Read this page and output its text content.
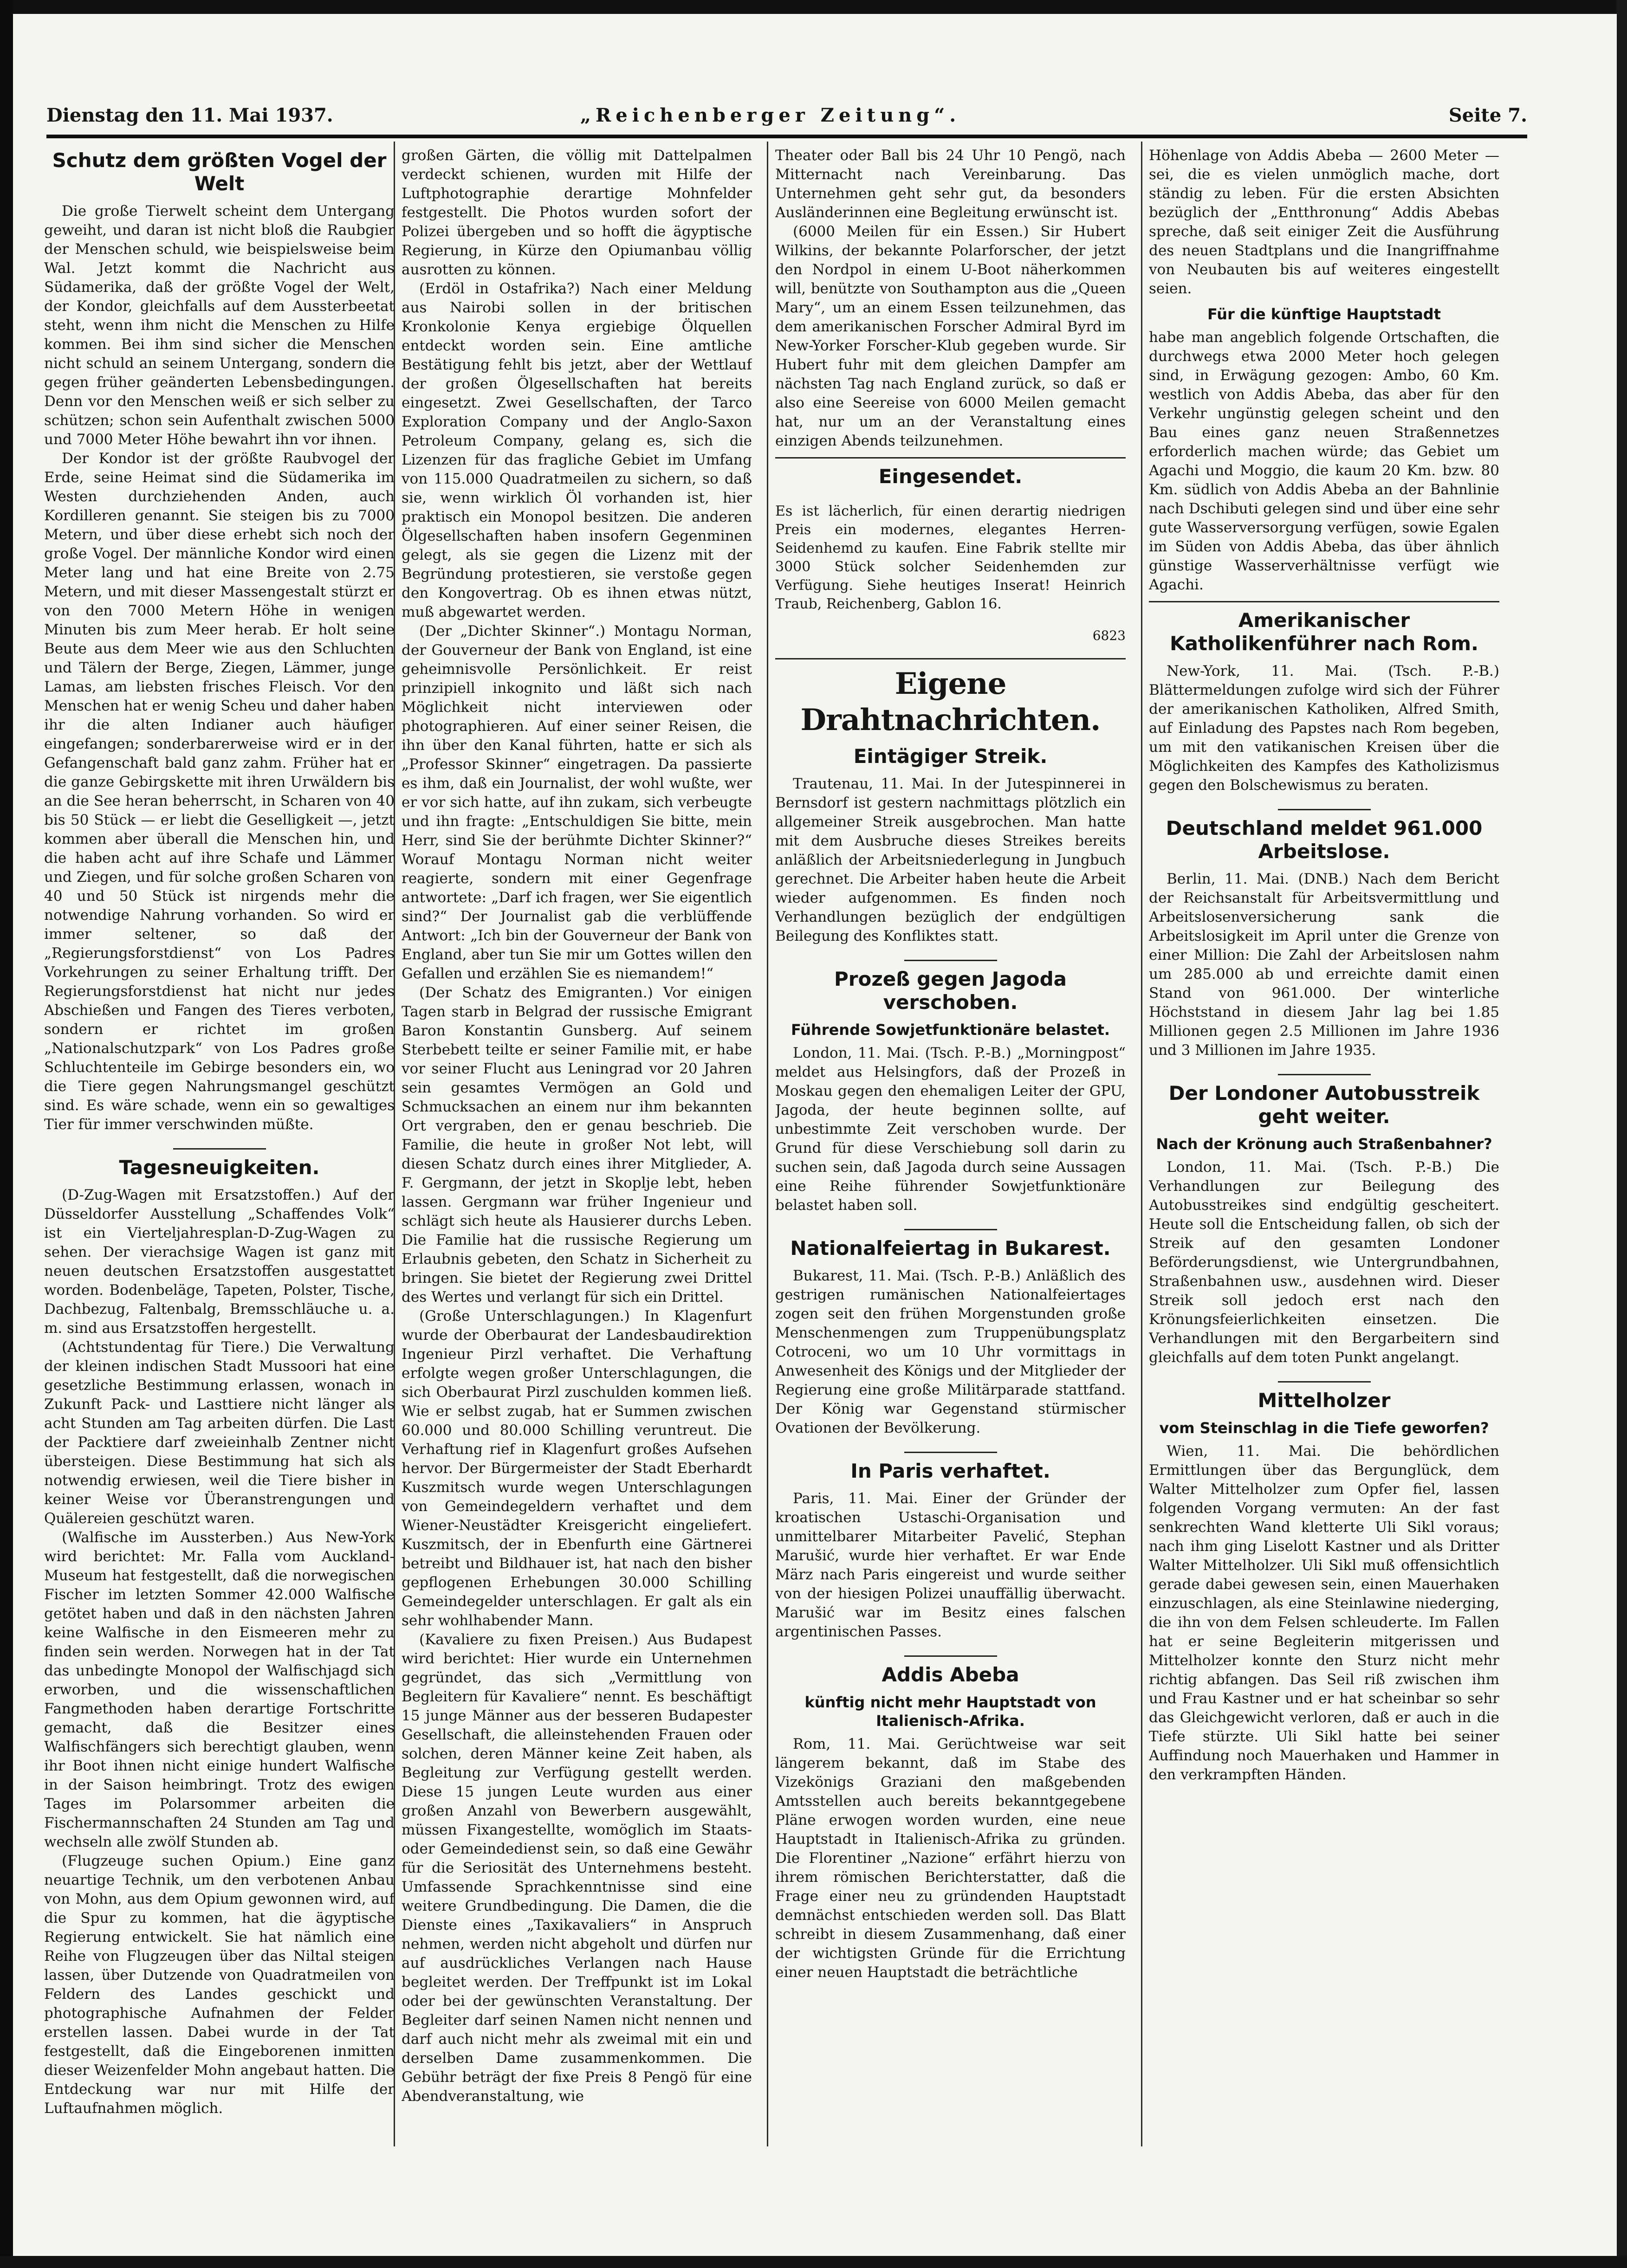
Dienstag den 11. Mai 1937.	„Reichenberger Zeitung“.	Seite 7.
Schutz dem größten Vogel der Welt

Die große Tierwelt scheint dem Untergang geweiht, und daran ist nicht bloß die Raubgier der Menschen schuld, wie beispielsweise beim Wal. Jetzt kommt die Nachricht aus Südamerika, daß der größte Vogel der Welt, der Kondor, gleichfalls auf dem Aussterbeetat steht, wenn ihm nicht die Menschen zu Hilfe kommen. Bei ihm sind sicher die Menschen nicht schuld an seinem Untergang, sondern die gegen früher geänderten Lebensbedingungen. Denn vor den Menschen weiß er sich selber zu schützen; schon sein Aufenthalt zwischen 5000 und 7000 Meter Höhe bewahrt ihn vor ihnen.

Der Kondor ist der größte Raubvogel der Erde, seine Heimat sind die Südamerika im Westen durchziehenden Anden, auch Kordilleren genannt. Sie steigen bis zu 7000 Metern, und über diese erhebt sich noch der große Vogel. Der männliche Kondor wird einen Meter lang und hat eine Breite von 2.75 Metern, und mit dieser Massengestalt stürzt er von den 7000 Metern Höhe in wenigen Minuten bis zum Meer herab. Er holt seine Beute aus dem Meer wie aus den Schluchten und Tälern der Berge, Ziegen, Lämmer, junge Lamas, am liebsten frisches Fleisch. Vor den Menschen hat er wenig Scheu und daher haben ihr die alten Indianer auch häufiger eingefangen; sonderbarerweise wird er in der Gefangenschaft bald ganz zahm. Früher hat er die ganze Gebirgskette mit ihren Urwäldern bis an die See heran beherrscht, in Scharen von 40 bis 50 Stück — er liebt die Geselligkeit —, jetzt kommen aber überall die Menschen hin, und die haben acht auf ihre Schafe und Lämmer und Ziegen, und für solche großen Scharen von 40 und 50 Stück ist nirgends mehr die notwendige Nahrung vorhanden. So wird er immer seltener, so daß der „Regierungsforstdienst“ von Los Padres Vorkehrungen zu seiner Erhaltung trifft. Der Regierungsforstdienst hat nicht nur jedes Abschießen und Fangen des Tieres verboten, sondern er richtet im großen „Nationalschutzpark“ von Los Padres große Schluchtenteile im Gebirge besonders ein, wo die Tiere gegen Nahrungsmangel geschützt sind. Es wäre schade, wenn ein so gewaltiges Tier für immer verschwinden müßte.

Tagesneuigkeiten.

(D-Zug-Wagen mit Ersatzstoffen.) Auf der Düsseldorfer Ausstellung „Schaffendes Volk“ ist ein Vierteljahresplan-D-Zug-Wagen zu sehen. Der vierachsige Wagen ist ganz mit neuen deutschen Ersatzstoffen ausgestattet worden. Bodenbeläge, Tapeten, Polster, Tische, Dachbezug, Faltenbalg, Bremsschläuche u. a. m. sind aus Ersatzstoffen hergestellt.

(Achtstundentag für Tiere.) Die Verwaltung der kleinen indischen Stadt Mussoori hat eine gesetzliche Bestimmung erlassen, wonach in Zukunft Pack- und Lasttiere nicht länger als acht Stunden am Tag arbeiten dürfen. Die Last der Packtiere darf zweieinhalb Zentner nicht übersteigen. Diese Bestimmung hat sich als notwendig erwiesen, weil die Tiere bisher in keiner Weise vor Überanstrengungen und Quälereien geschützt waren.

(Walfische im Aussterben.) Aus New-York wird berichtet: Mr. Falla vom Auckland-Museum hat festgestellt, daß die norwegischen Fischer im letzten Sommer 42.000 Walfische getötet haben und daß in den nächsten Jahren keine Walfische in den Eismeeren mehr zu finden sein werden. Norwegen hat in der Tat das unbedingte Monopol der Walfischjagd sich erworben, und die wissenschaftlichen Fangmethoden haben derartige Fortschritte gemacht, daß die Besitzer eines Walfischfängers sich berechtigt glauben, wenn ihr Boot ihnen nicht einige hundert Walfische in der Saison heimbringt. Trotz des ewigen Tages im Polarsommer arbeiten die Fischermannschaften 24 Stunden am Tag und wechseln alle zwölf Stunden ab.

(Flugzeuge suchen Opium.) Eine ganz neuartige Technik, um den verbotenen Anbau von Mohn, aus dem Opium gewonnen wird, auf die Spur zu kommen, hat die ägyptische Regierung entwickelt. Sie hat nämlich eine Reihe von Flugzeugen über das Niltal steigen lassen, über Dutzende von Quadratmeilen von Feldern des Landes geschickt und photographische Aufnahmen der Felder erstellen lassen. Dabei wurde in der Tat festgestellt, daß die Eingeborenen inmitten dieser Weizenfelder Mohn angebaut hatten. Die Entdeckung war nur mit Hilfe der Luftaufnahmen möglich.

großen Gärten, die völlig mit Dattelpalmen verdeckt schienen, wurden mit Hilfe der Luftphotographie derartige Mohnfelder festgestellt. Die Photos wurden sofort der Polizei übergeben und so hofft die ägyptische Regierung, in Kürze den Opiumanbau völlig ausrotten zu können.

(Erdöl in Ostafrika?) Nach einer Meldung aus Nairobi sollen in der britischen Kronkolonie Kenya ergiebige Ölquellen entdeckt worden sein. Eine amtliche Bestätigung fehlt bis jetzt, aber der Wettlauf der großen Ölgesellschaften hat bereits eingesetzt. Zwei Gesellschaften, der Tarco Exploration Company und der Anglo-Saxon Petroleum Company, gelang es, sich die Lizenzen für das fragliche Gebiet im Umfang von 115.000 Quadratmeilen zu sichern, so daß sie, wenn wirklich Öl vorhanden ist, hier praktisch ein Monopol besitzen. Die anderen Ölgesellschaften haben insofern Gegenminen gelegt, als sie gegen die Lizenz mit der Begründung protestieren, sie verstoße gegen den Kongovertrag. Ob es ihnen etwas nützt, muß abgewartet werden.

(Der „Dichter Skinner“.) Montagu Norman, der Gouverneur der Bank von England, ist eine geheimnisvolle Persönlichkeit. Er reist prinzipiell inkognito und läßt sich nach Möglichkeit nicht interviewen oder photographieren. Auf einer seiner Reisen, die ihn über den Kanal führten, hatte er sich als „Professor Skinner“ eingetragen. Da passierte es ihm, daß ein Journalist, der wohl wußte, wer er vor sich hatte, auf ihn zukam, sich verbeugte und ihn fragte: „Entschuldigen Sie bitte, mein Herr, sind Sie der berühmte Dichter Skinner?“ Worauf Montagu Norman nicht weiter reagierte, sondern mit einer Gegenfrage antwortete: „Darf ich fragen, wer Sie eigentlich sind?“ Der Journalist gab die verblüffende Antwort: „Ich bin der Gouverneur der Bank von England, aber tun Sie mir um Gottes willen den Gefallen und erzählen Sie es niemandem!“

(Der Schatz des Emigranten.) Vor einigen Tagen starb in Belgrad der russische Emigrant Baron Konstantin Gunsberg. Auf seinem Sterbebett teilte er seiner Familie mit, er habe vor seiner Flucht aus Leningrad vor 20 Jahren sein gesamtes Vermögen an Gold und Schmucksachen an einem nur ihm bekannten Ort vergraben, den er genau beschrieb. Die Familie, die heute in großer Not lebt, will diesen Schatz durch eines ihrer Mitglieder, A. F. Gergmann, der jetzt in Skoplje lebt, heben lassen. Gergmann war früher Ingenieur und schlägt sich heute als Hausierer durchs Leben. Die Familie hat die russische Regierung um Erlaubnis gebeten, den Schatz in Sicherheit zu bringen. Sie bietet der Regierung zwei Drittel des Wertes und verlangt für sich ein Drittel.

(Große Unterschlagungen.) In Klagenfurt wurde der Oberbaurat der Landesbaudirektion Ingenieur Pirzl verhaftet. Die Verhaftung erfolgte wegen großer Unterschlagungen, die sich Oberbaurat Pirzl zuschulden kommen ließ. Wie er selbst zugab, hat er Summen zwischen 60.000 und 80.000 Schilling veruntreut. Die Verhaftung rief in Klagenfurt großes Aufsehen hervor. Der Bürgermeister der Stadt Eberhardt Kuszmitsch wurde wegen Unterschlagungen von Gemeindegeldern verhaftet und dem Wiener-Neustädter Kreisgericht eingeliefert. Kuszmitsch, der in Ebenfurth eine Gärtnerei betreibt und Bildhauer ist, hat nach den bisher gepflogenen Erhebungen 30.000 Schilling Gemeindegelder unterschlagen. Er galt als ein sehr wohlhabender Mann.

(Kavaliere zu fixen Preisen.) Aus Budapest wird berichtet: Hier wurde ein Unternehmen gegründet, das sich „Vermittlung von Begleitern für Kavaliere“ nennt. Es beschäftigt 15 junge Männer aus der besseren Budapester Gesellschaft, die alleinstehenden Frauen oder solchen, deren Männer keine Zeit haben, als Begleitung zur Verfügung gestellt werden. Diese 15 jungen Leute wurden aus einer großen Anzahl von Bewerbern ausgewählt, müssen Fixangestellte, womöglich im Staats- oder Gemeindedienst sein, so daß eine Gewähr für die Seriosität des Unternehmens besteht. Umfassende Sprachkenntnisse sind eine weitere Grundbedingung. Die Damen, die die Dienste eines „Taxikavaliers“ in Anspruch nehmen, werden nicht abgeholt und dürfen nur auf ausdrückliches Verlangen nach Hause begleitet werden. Der Treffpunkt ist im Lokal oder bei der gewünschten Veranstaltung. Der Begleiter darf seinen Namen nicht nennen und darf auch nicht mehr als zweimal mit ein und derselben Dame zusammenkommen. Die Gebühr beträgt der fixe Preis 8 Pengö für eine Abendveranstaltung, wie

Theater oder Ball bis 24 Uhr 10 Pengö, nach Mitternacht nach Vereinbarung. Das Unternehmen geht sehr gut, da besonders Ausländerinnen eine Begleitung erwünscht ist.

(6000 Meilen für ein Essen.) Sir Hubert Wilkins, der bekannte Polarforscher, der jetzt den Nordpol in einem U-Boot näherkommen will, benützte von Southampton aus die „Queen Mary“, um an einem Essen teilzunehmen, das dem amerikanischen Forscher Admiral Byrd im New-Yorker Forscher-Klub gegeben wurde. Sir Hubert fuhr mit dem gleichen Dampfer am nächsten Tag nach England zurück, so daß er also eine Seereise von 6000 Meilen gemacht hat, nur um an der Veranstaltung eines einzigen Abends teilzunehmen.

Eingesendet.

Es ist lächerlich, für einen derartig niedrigen Preis ein modernes, elegantes Herren-Seidenhemd zu kaufen. Eine Fabrik stellte mir 3000 Stück solcher Seidenhemden zur Verfügung. Siehe heutiges Inserat! Heinrich Traub, Reichenberg, Gablon 16.

6823
Eigene Drahtnachrichten.
Eintägiger Streik.

Trautenau, 11. Mai. In der Jutespinnerei in Bernsdorf ist gestern nachmittags plötzlich ein allgemeiner Streik ausgebrochen. Man hatte mit dem Ausbruche dieses Streikes bereits anläßlich der Arbeitsniederlegung in Jungbuch gerechnet. Die Arbeiter haben heute die Arbeit wieder aufgenommen. Es finden noch Verhandlungen bezüglich der endgültigen Beilegung des Konfliktes statt.

Prozeß gegen Jagoda verschoben.
Führende Sowjetfunktionäre belastet.

London, 11. Mai. (Tsch. P.-B.) „Morningpost“ meldet aus Helsingfors, daß der Prozeß in Moskau gegen den ehemaligen Leiter der GPU, Jagoda, der heute beginnen sollte, auf unbestimmte Zeit verschoben wurde. Der Grund für diese Verschiebung soll darin zu suchen sein, daß Jagoda durch seine Aussagen eine Reihe führender Sowjetfunktionäre belastet haben soll.

Nationalfeiertag in Bukarest.

Bukarest, 11. Mai. (Tsch. P.-B.) Anläßlich des gestrigen rumänischen Nationalfeiertages zogen seit den frühen Morgenstunden große Menschenmengen zum Truppenübungsplatz Cotroceni, wo um 10 Uhr vormittags in Anwesenheit des Königs und der Mitglieder der Regierung eine große Militärparade stattfand. Der König war Gegenstand stürmischer Ovationen der Bevölkerung.

In Paris verhaftet.

Paris, 11. Mai. Einer der Gründer der kroatischen Ustaschi-Organisation und unmittelbarer Mitarbeiter Pavelić, Stephan Marušić, wurde hier verhaftet. Er war Ende März nach Paris eingereist und wurde seither von der hiesigen Polizei unauffällig überwacht. Marušić war im Besitz eines falschen argentinischen Passes.

Addis Abeba
künftig nicht mehr Hauptstadt von Italienisch-Afrika.

Rom, 11. Mai. Gerüchtweise war seit längerem bekannt, daß im Stabe des Vizekönigs Graziani den maßgebenden Amtsstellen auch bereits bekanntgegebene Pläne erwogen worden wurden, eine neue Hauptstadt in Italienisch-Afrika zu gründen. Die Florentiner „Nazione“ erfährt hierzu von ihrem römischen Berichterstatter, daß die Frage einer neu zu gründenden Hauptstadt demnächst entschieden werden soll. Das Blatt schreibt in diesem Zusammenhang, daß einer der wichtigsten Gründe für die Errichtung einer neuen Hauptstadt die beträchtliche

Höhenlage von Addis Abeba — 2600 Meter — sei, die es vielen unmöglich mache, dort ständig zu leben. Für die ersten Absichten bezüglich der „Entthronung“ Addis Abebas spreche, daß seit einiger Zeit die Ausführung des neuen Stadtplans und die Inangriffnahme von Neubauten bis auf weiteres eingestellt seien.

Für die künftige Hauptstadt

habe man angeblich folgende Ortschaften, die durchwegs etwa 2000 Meter hoch gelegen sind, in Erwägung gezogen: Ambo, 60 Km. westlich von Addis Abeba, das aber für den Verkehr ungünstig gelegen scheint und den Bau eines ganz neuen Straßennetzes erforderlich machen würde; das Gebiet um Agachi und Moggio, die kaum 20 Km. bzw. 80 Km. südlich von Addis Abeba an der Bahnlinie nach Dschibuti gelegen sind und über eine sehr gute Wasserversorgung verfügen, sowie Egalen im Süden von Addis Abeba, das über ähnlich günstige Wasserverhältnisse verfügt wie Agachi.

Amerikanischer Katholikenführer nach Rom.

New-York, 11. Mai. (Tsch. P.-B.) Blättermeldungen zufolge wird sich der Führer der amerikanischen Katholiken, Alfred Smith, auf Einladung des Papstes nach Rom begeben, um mit den vatikanischen Kreisen über die Möglichkeiten des Kampfes des Katholizismus gegen den Bolschewismus zu beraten.

Deutschland meldet 961.000 Arbeitslose.

Berlin, 11. Mai. (DNB.) Nach dem Bericht der Reichsanstalt für Arbeitsvermittlung und Arbeitslosenversicherung sank die Arbeitslosigkeit im April unter die Grenze von einer Million: Die Zahl der Arbeitslosen nahm um 285.000 ab und erreichte damit einen Stand von 961.000. Der winterliche Höchststand in diesem Jahr lag bei 1.85 Millionen gegen 2.5 Millionen im Jahre 1936 und 3 Millionen im Jahre 1935.

Der Londoner Autobusstreik geht weiter.
Nach der Krönung auch Straßenbahner?

London, 11. Mai. (Tsch. P.-B.) Die Verhandlungen zur Beilegung des Autobusstreikes sind endgültig gescheitert. Heute soll die Entscheidung fallen, ob sich der Streik auf den gesamten Londoner Beförderungsdienst, wie Untergrundbahnen, Straßenbahnen usw., ausdehnen wird. Dieser Streik soll jedoch erst nach den Krönungsfeierlichkeiten einsetzen. Die Verhandlungen mit den Bergarbeitern sind gleichfalls auf dem toten Punkt angelangt.

Mittelholzer
vom Steinschlag in die Tiefe geworfen?

Wien, 11. Mai. Die behördlichen Ermittlungen über das Bergunglück, dem Walter Mittelholzer zum Opfer fiel, lassen folgenden Vorgang vermuten: An der fast senkrechten Wand kletterte Uli Sikl voraus; nach ihm ging Liselott Kastner und als Dritter Walter Mittelholzer. Uli Sikl muß offensichtlich gerade dabei gewesen sein, einen Mauerhaken einzuschlagen, als eine Steinlawine niederging, die ihn von dem Felsen schleuderte. Im Fallen hat er seine Begleiterin mitgerissen und Mittelholzer konnte den Sturz nicht mehr richtig abfangen. Das Seil riß zwischen ihm und Frau Kastner und er hat scheinbar so sehr das Gleichgewicht verloren, daß er auch in die Tiefe stürzte. Uli Sikl hatte bei seiner Auffindung noch Mauerhaken und Hammer in den verkrampften Händen.
